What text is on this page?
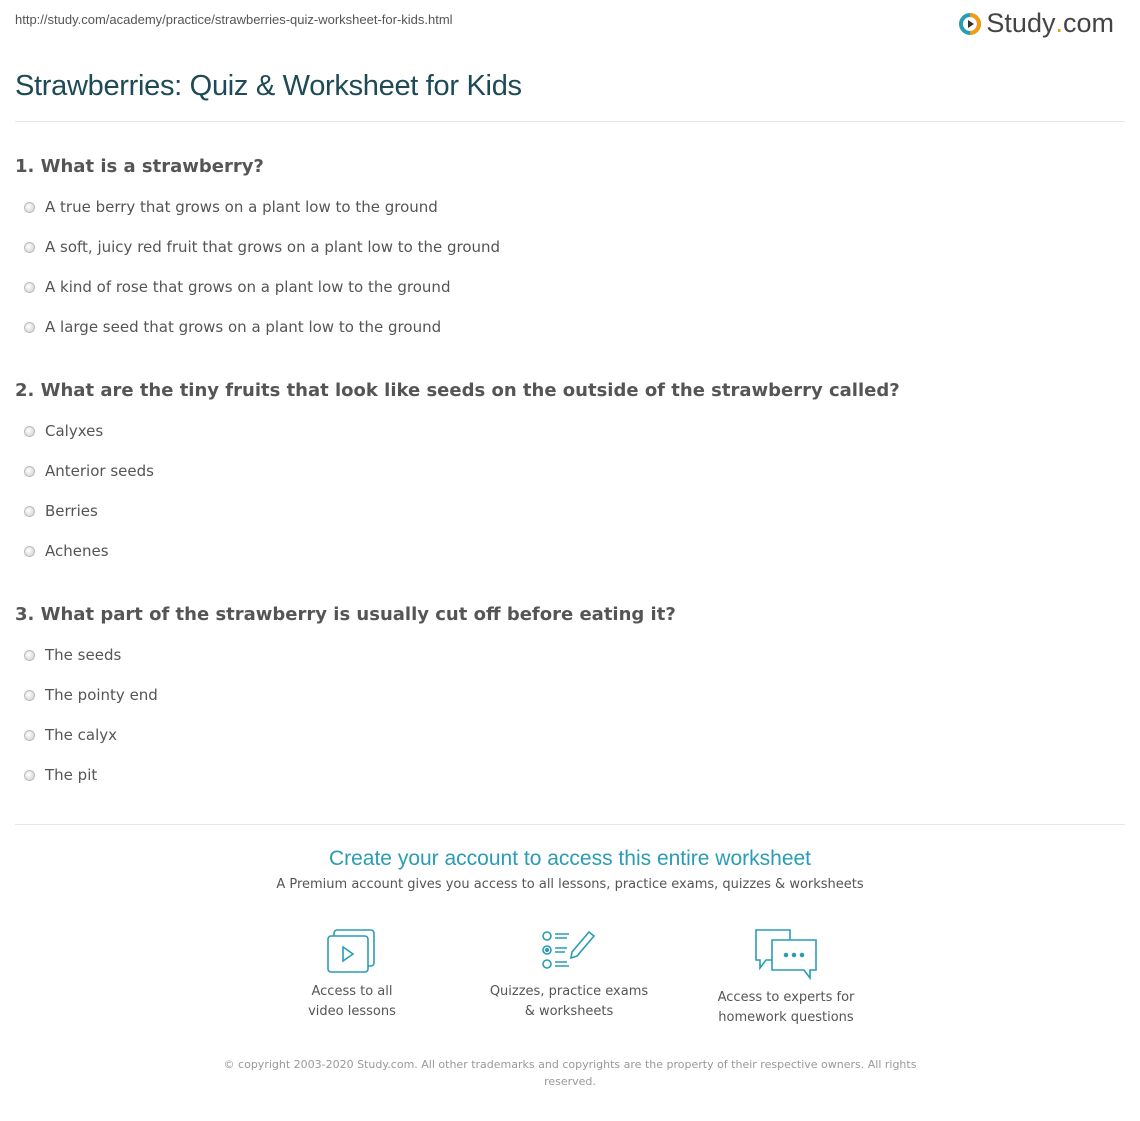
http://study.com/academy/practice/strawberries-quiz-worksheet-for-kids.html	Study . com
Strawberries: Quiz & Worksheet for Kids
1. What is a strawberry?
A true berry that grows on a plant low to the ground
A soft, juicy red fruit that grows on a plant low to the ground
A kind of rose that grows on a plant low to the ground
A large seed that grows on a plant low to the ground
2. What are the tiny fruits that look like seeds on the outside of the strawberry called?
Calyxes
Anterior seeds
Berries
Achenes
3. What part of the strawberry is usually cut off before eating it?
The seeds
The pointy end
The calyx
The pit
Create your account to access this entire worksheet
A Premium account gives you access to all lessons, practice exams, quizzes & worksheets
Access to all
video lessons
Quizzes, practice exams
& worksheets
Access to experts for
homework questions
© copyright 2003-2020 Study.com. All other trademarks and copyrights are the property of their respective owners. All rights reserved.
